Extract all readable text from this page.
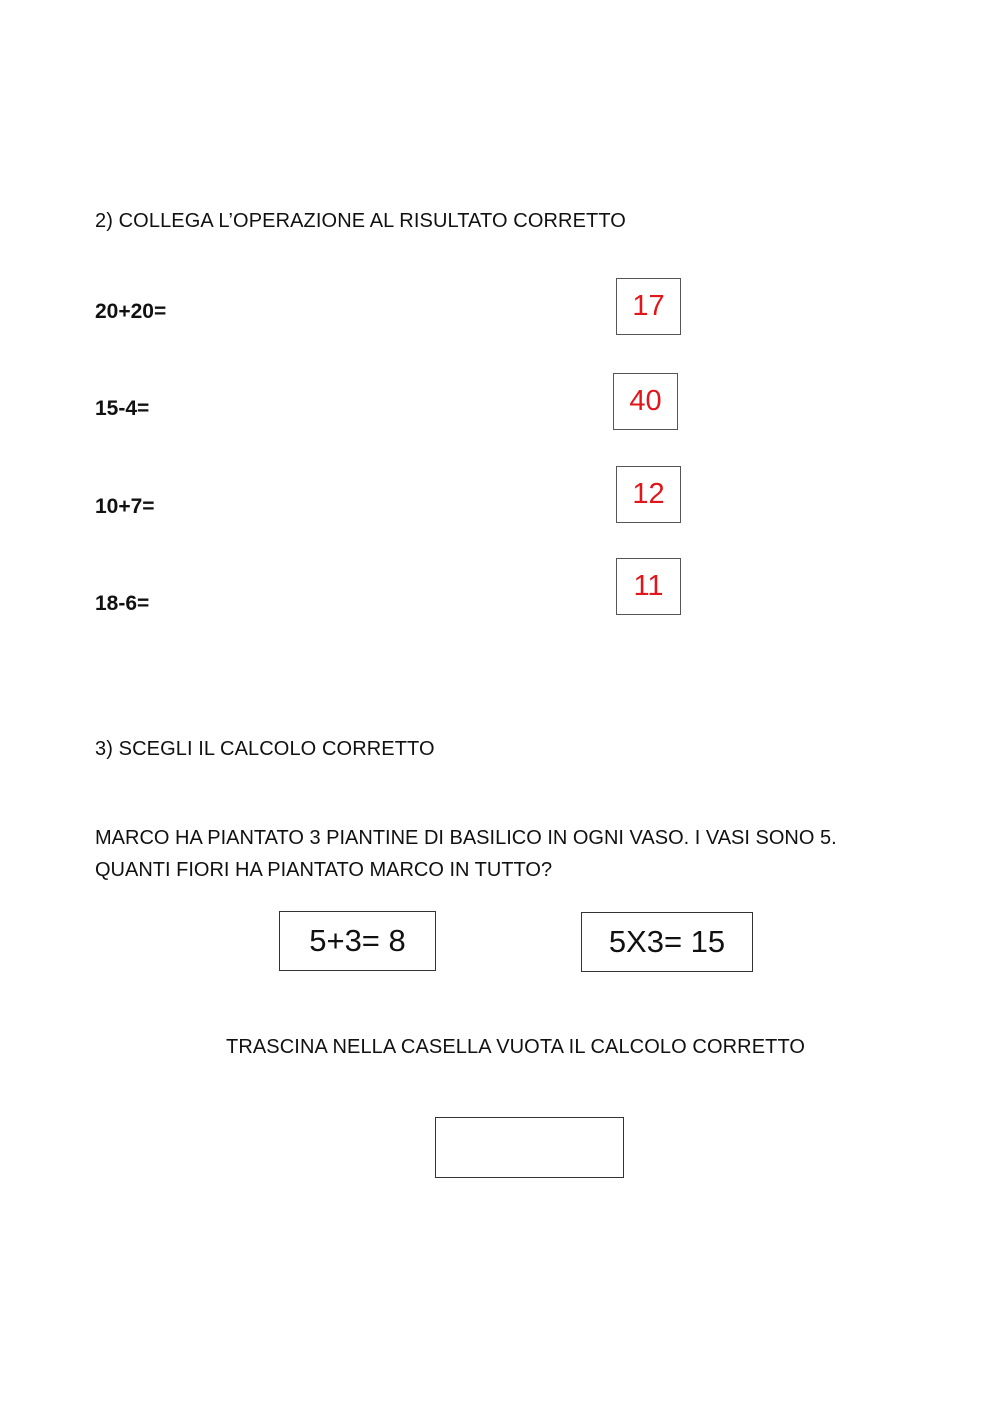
2) COLLEGA L’OPERAZIONE AL RISULTATO CORRETTO
20+20=
15-4=
10+7=
18-6=
17
40
12
11
3) SCEGLI IL CALCOLO CORRETTO
MARCO HA PIANTATO 3 PIANTINE DI BASILICO IN OGNI VASO. I VASI SONO 5.
QUANTI FIORI HA PIANTATO MARCO IN TUTTO?
5+3= 8	5X3= 15
TRASCINA NELLA CASELLA VUOTA IL CALCOLO CORRETTO
